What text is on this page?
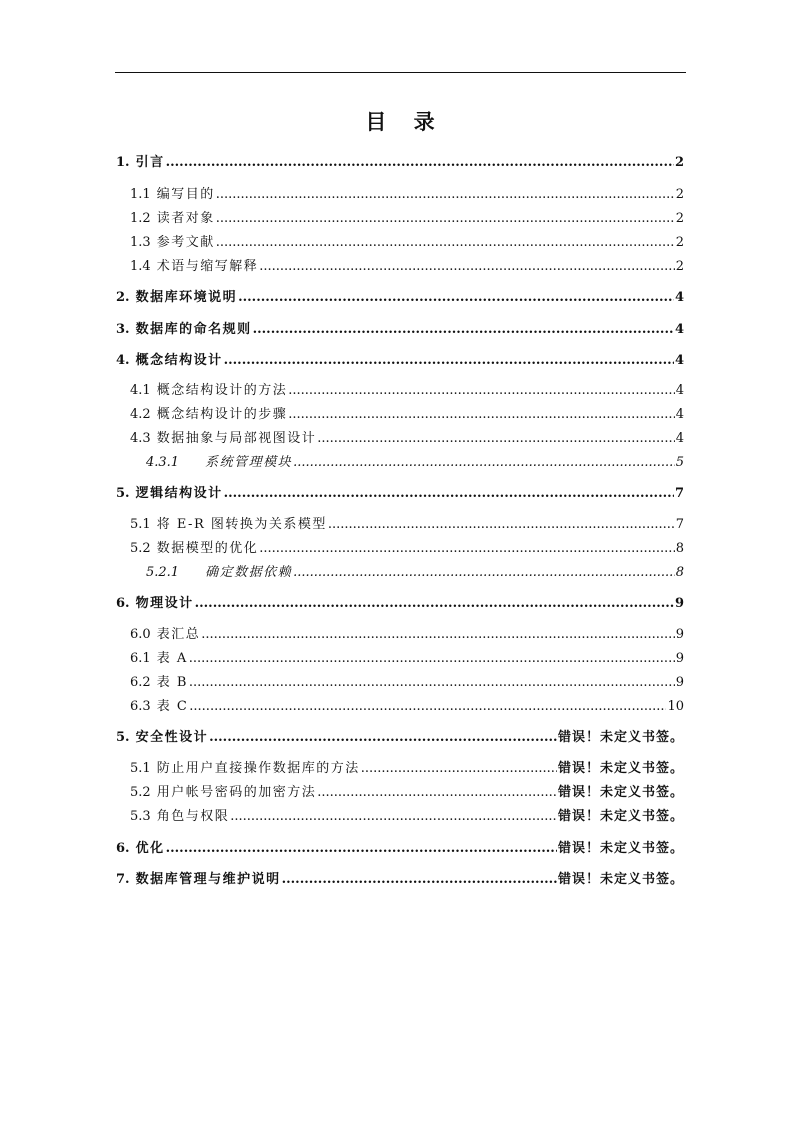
目 录
1. 引言 .....	2
1.1 编写目的 .....	2
1.2 读者对象 .....	2
1.3 参考文献 .....	2
1.4 术语与缩写解释 .....	2
2. 数据库环境说明 .....	4
3. 数据库的命名规则 .....	4
4. 概念结构设计 .....	4
4.1 概念结构设计的方法 .....	4
4.2 概念结构设计的步骤 .....	4
4.3 数据抽象与局部视图设计 .....	4
4.3.1 系统管理模块 .....	5
5. 逻辑结构设计 .....	7
5.1 将 E-R 图转换为关系模型 .....	7
5.2 数据模型的优化 .....	8
5.2.1 确定数据依赖 .....	8
6. 物理设计 .....	9
6.0 表汇总 .....	9
6.1 表 A .....	9
6.2 表 B .....	9
6.3 表 C .....	10
5. 安全性设计 .....	错误！未定义书签。
5.1 防止用户直接操作数据库的方法 .....	错误！未定义书签。
5.2 用户帐号密码的加密方法 .....	错误！未定义书签。
5.3 角色与权限 .....	错误！未定义书签。
6. 优化 .....	错误！未定义书签。
7. 数据库管理与维护说明 .....	错误！未定义书签。
